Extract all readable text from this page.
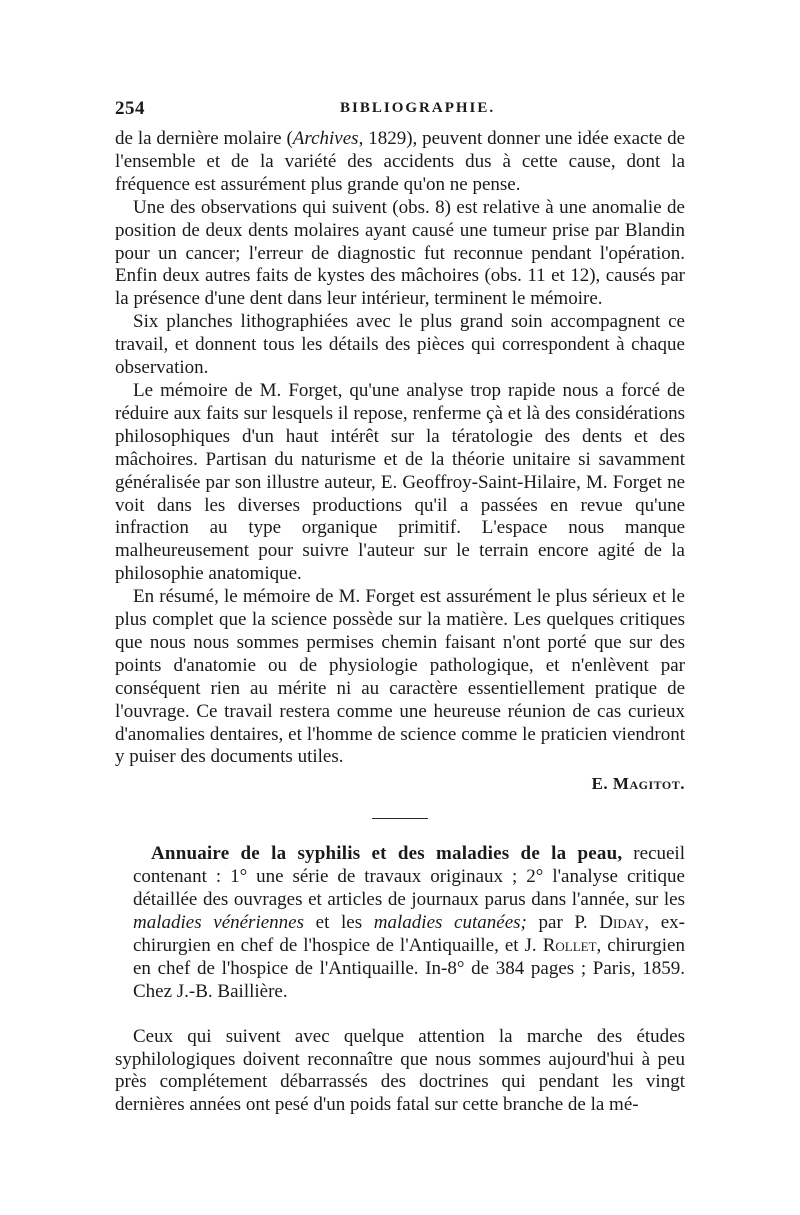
254	BIBLIOGRAPHIE.

de la dernière molaire (Archives, 1829), peuvent donner une idée exacte de l'ensemble et de la variété des accidents dus à cette cause, dont la fréquence est assurément plus grande qu'on ne pense.

Une des observations qui suivent (obs. 8) est relative à une anomalie de position de deux dents molaires ayant causé une tumeur prise par Blandin pour un cancer; l'erreur de diagnostic fut reconnue pendant l'opération. Enfin deux autres faits de kystes des mâchoires (obs. 11 et 12), causés par la présence d'une dent dans leur intérieur, terminent le mémoire.

Six planches lithographiées avec le plus grand soin accompagnent ce travail, et donnent tous les détails des pièces qui correspondent à chaque observation.

Le mémoire de M. Forget, qu'une analyse trop rapide nous a forcé de réduire aux faits sur lesquels il repose, renferme çà et là des considérations philosophiques d'un haut intérêt sur la tératologie des dents et des mâchoires. Partisan du naturisme et de la théorie unitaire si savamment généralisée par son illustre auteur, E. Geoffroy-Saint-Hilaire, M. Forget ne voit dans les diverses productions qu'il a passées en revue qu'une infraction au type organique primitif. L'espace nous manque malheureusement pour suivre l'auteur sur le terrain encore agité de la philosophie anatomique.

En résumé, le mémoire de M. Forget est assurément le plus sérieux et le plus complet que la science possède sur la matière. Les quelques critiques que nous nous sommes permises chemin faisant n'ont porté que sur des points d'anatomie ou de physiologie pathologique, et n'enlèvent par conséquent rien au mérite ni au caractère essentiellement pratique de l'ouvrage. Ce travail restera comme une heureuse réunion de cas curieux d'anomalies dentaires, et l'homme de science comme le praticien viendront y puiser des documents utiles.

E. Magitot.

Annuaire de la syphilis et des maladies de la peau, recueil contenant : 1° une série de travaux originaux ; 2° l'analyse critique détaillée des ouvrages et articles de journaux parus dans l'année, sur les maladies vénériennes et les maladies cutanées; par P. Diday, ex-chirurgien en chef de l'hospice de l'Antiquaille, et J. Rollet, chirurgien en chef de l'hospice de l'Antiquaille. In-8° de 384 pages ; Paris, 1859. Chez J.-B. Baillière.

Ceux qui suivent avec quelque attention la marche des études syphilologiques doivent reconnaître que nous sommes aujourd'hui à peu près complétement débarrassés des doctrines qui pendant les vingt dernières années ont pesé d'un poids fatal sur cette branche de la mé-
